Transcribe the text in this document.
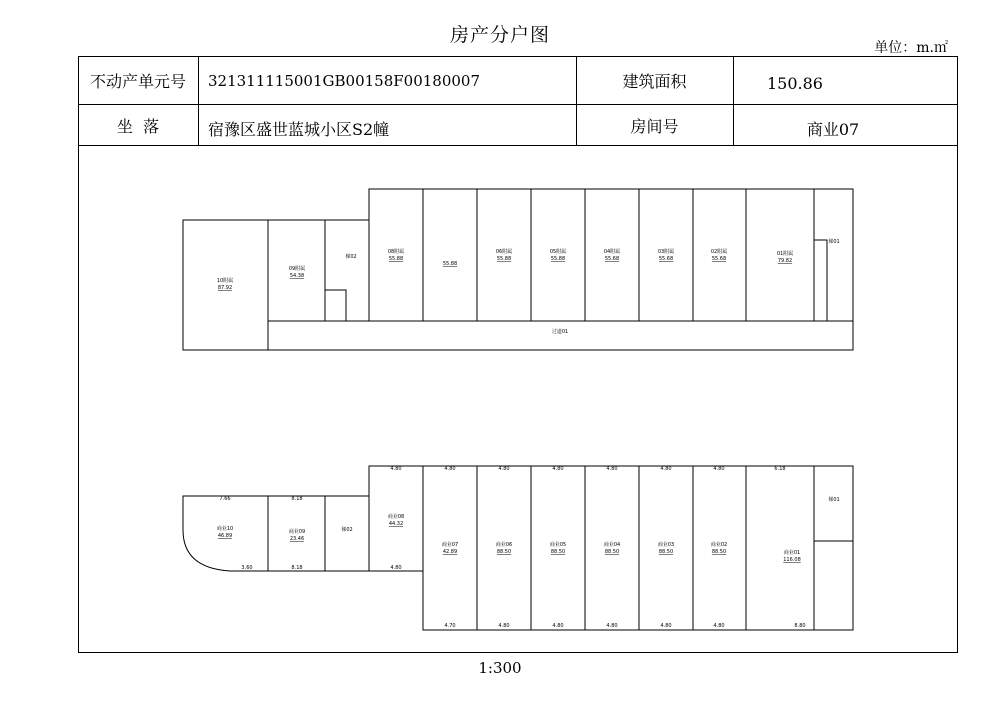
房产分户图
单位：m.㎡
不动产单元号	321311115001GB00158F00180007	建筑面积	150.86
坐  落	宿豫区盛世蓝城小区S2幢	房间号	商业07
10附属
87.92
09附属
54.38
梯02
08附属
55.88
55.88
06附属
55.88
05附属
55.88
04附属
55.68
03附属
55.68
02附属
55.68
01附属
79.82
梯01
过道01
商业10
46.89
商业09
23.46
梯02
商业08
44.32
商业07
42.89
商业06
88.50
商业05
88.50
商业04
88.50
商业03
88.50
商业02
88.50	商业01
116.08
梯01
7.66	8.18
4.80	4.80	4.80	4.80	4.80	4.80	4.80	6.18
3.60	8.18	4.80
4.70	4.80	4.80	4.80	4.80	4.80	8.80
1:300
